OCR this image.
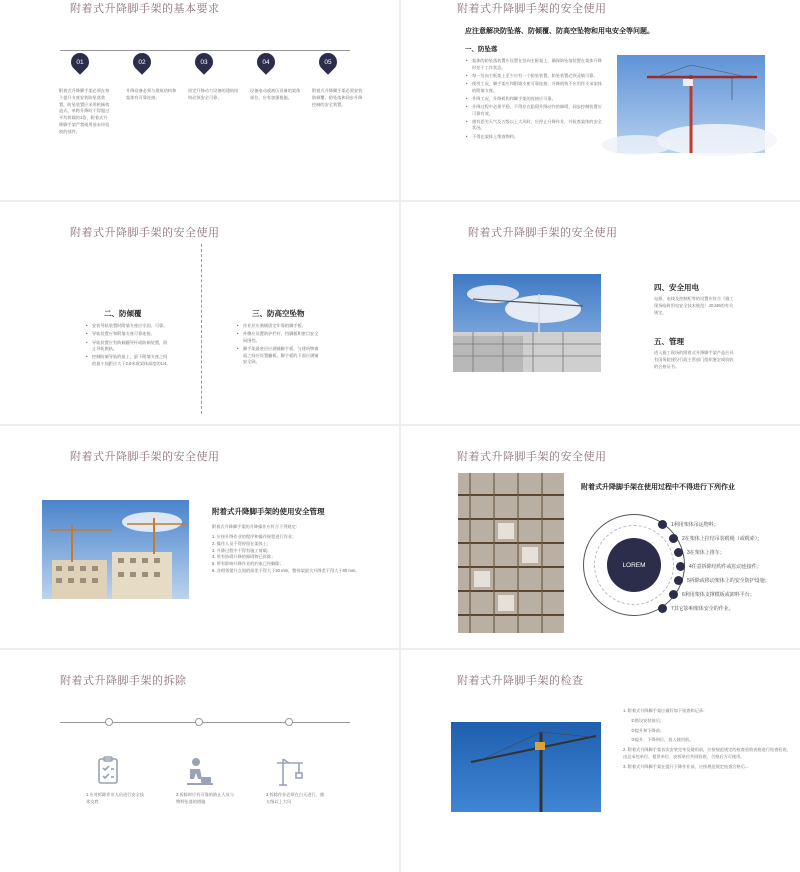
附着式升降脚手架的基本要求
01	02	03	04	05
附着式升降脚手架必须在每个提升支座安装防坠落装置，防坠装置应采用机械构造式，单跨升降时不得超过平均荷载的1倍，附着式升降脚手架严禁使用前未经验收的部件。
升降设备必须与建筑结构和架体有可靠连接。
固定升降动力设备的建筑结构必须安全可靠。
设备电动或液压设备的架体部位，应有加强措施。
附着式升降脚手架必须安装防倾覆、防坠落和同步升降控制的安全装置。
附着式升降脚手架的安全使用
应注意解决防坠落、防倾覆、防高空坠物和用电安全等问题。
一、防坠落
• 架体的防坠落装置应设置在竖向主框架上，确保防坠落装置在架体升降时处于工作状态。
• 每一竖向主框架上至少应有一个防坠装置。防坠装置必须灵敏可靠。
• 使用工况，脚手架应和附墙支座可靠连接，升降机构不应用作支承架体的附墙支座。
• 升降工况，升降机构和脚手架的连接应可靠。
• 升降过程中必须平稳，不得存在阻碍升降动作的障碍，同步控制装置应可靠有效。
• 遇有恶劣天气及五级以上大风时，应停止升降作业，并检查架体的安全状况。
• 不得在架体上堆放物料。
附着式升降脚手架的安全使用
二、防倾覆
• 安装导轨装置时附墙支座应牢固、可靠。
• 导轨装置应和附墙支座可靠连接。
• 导轨装置应有防倾翻导杆或防倾装置，防止导轨脱轨。
• 控制防倾导轨的最上、最下附墙支座之间的最小间距应大于2.8米或架体高度的1/4。
三、防高空坠物
• 作业层应满铺固定牢靠的脚手板。
• 外侧应设置防护栏杆、挡脚板和密目安全网围挡。
• 脚手架最底层应满铺脚手板，与建筑物墙面之间应设置翻板，脚手板的下面应满铺安全网。
附着式升降脚手架的安全使用
四、安全用电
电源、电线及控制柜等的设置应符合《施工现场临时用电安全技术规范》JGJ46的有关规定。
五、管理
进入施工现场的附着式升降脚手架产品应具有国务院建设行政主管部门组织鉴定或验收的合格证书。
附着式升降脚手架的安全使用
附着式升降脚手架的使用安全管理
附着式升降脚手架的升降操作应符合下列规定：
1. 应按升降作业的程序和操作规程进行作业；
2. 操作人员不得停留在架体上；
3. 升降过程中不得有施工荷载；
4. 所有妨碍升降的障碍物已拆除；
5. 所有影响升降作业的约束已经解除；
6. 各相邻提升点间的高差不得大于30 mm，整体架最大升降差不得大于80 mm。
附着式升降脚手架的安全使用
附着式升降脚手架在使用过程中不得进行下列作业
LOREM
1利用架体吊运物料；
2在架体上拉结吊装缆绳（或缆索）；
3在架体上推车；
4任意拆除结构件或松动连接件；
5拆除或移动架体上的安全防护设施；
6利用架体支撑模板或卸料平台；
7其它影响架体安全的作业。
附着式升降脚手架的拆除
1.应对拆除作业人员进行安全技术交底
2.拆除时应有可靠的防止人员与物料坠落的措施
3.拆除作业必须在白天进行，遇五级以上大风
附着式升降脚手架的检查
1. 附着式升降脚手架应做好如下检查和记录：
①搭设安装前后；
②提升和下降前；
③提升、下降到位，投入使用前。
2. 附着式升降脚手架首次安装完毕及使用前，应按规范规定的检查验收表格进行检查验收，由总承包单位、租赁单位、安拆单位共同验收，合格后方可使用。
3. 附着式升降脚手架在提升下降作业前，应按规范规定检查合格后...
